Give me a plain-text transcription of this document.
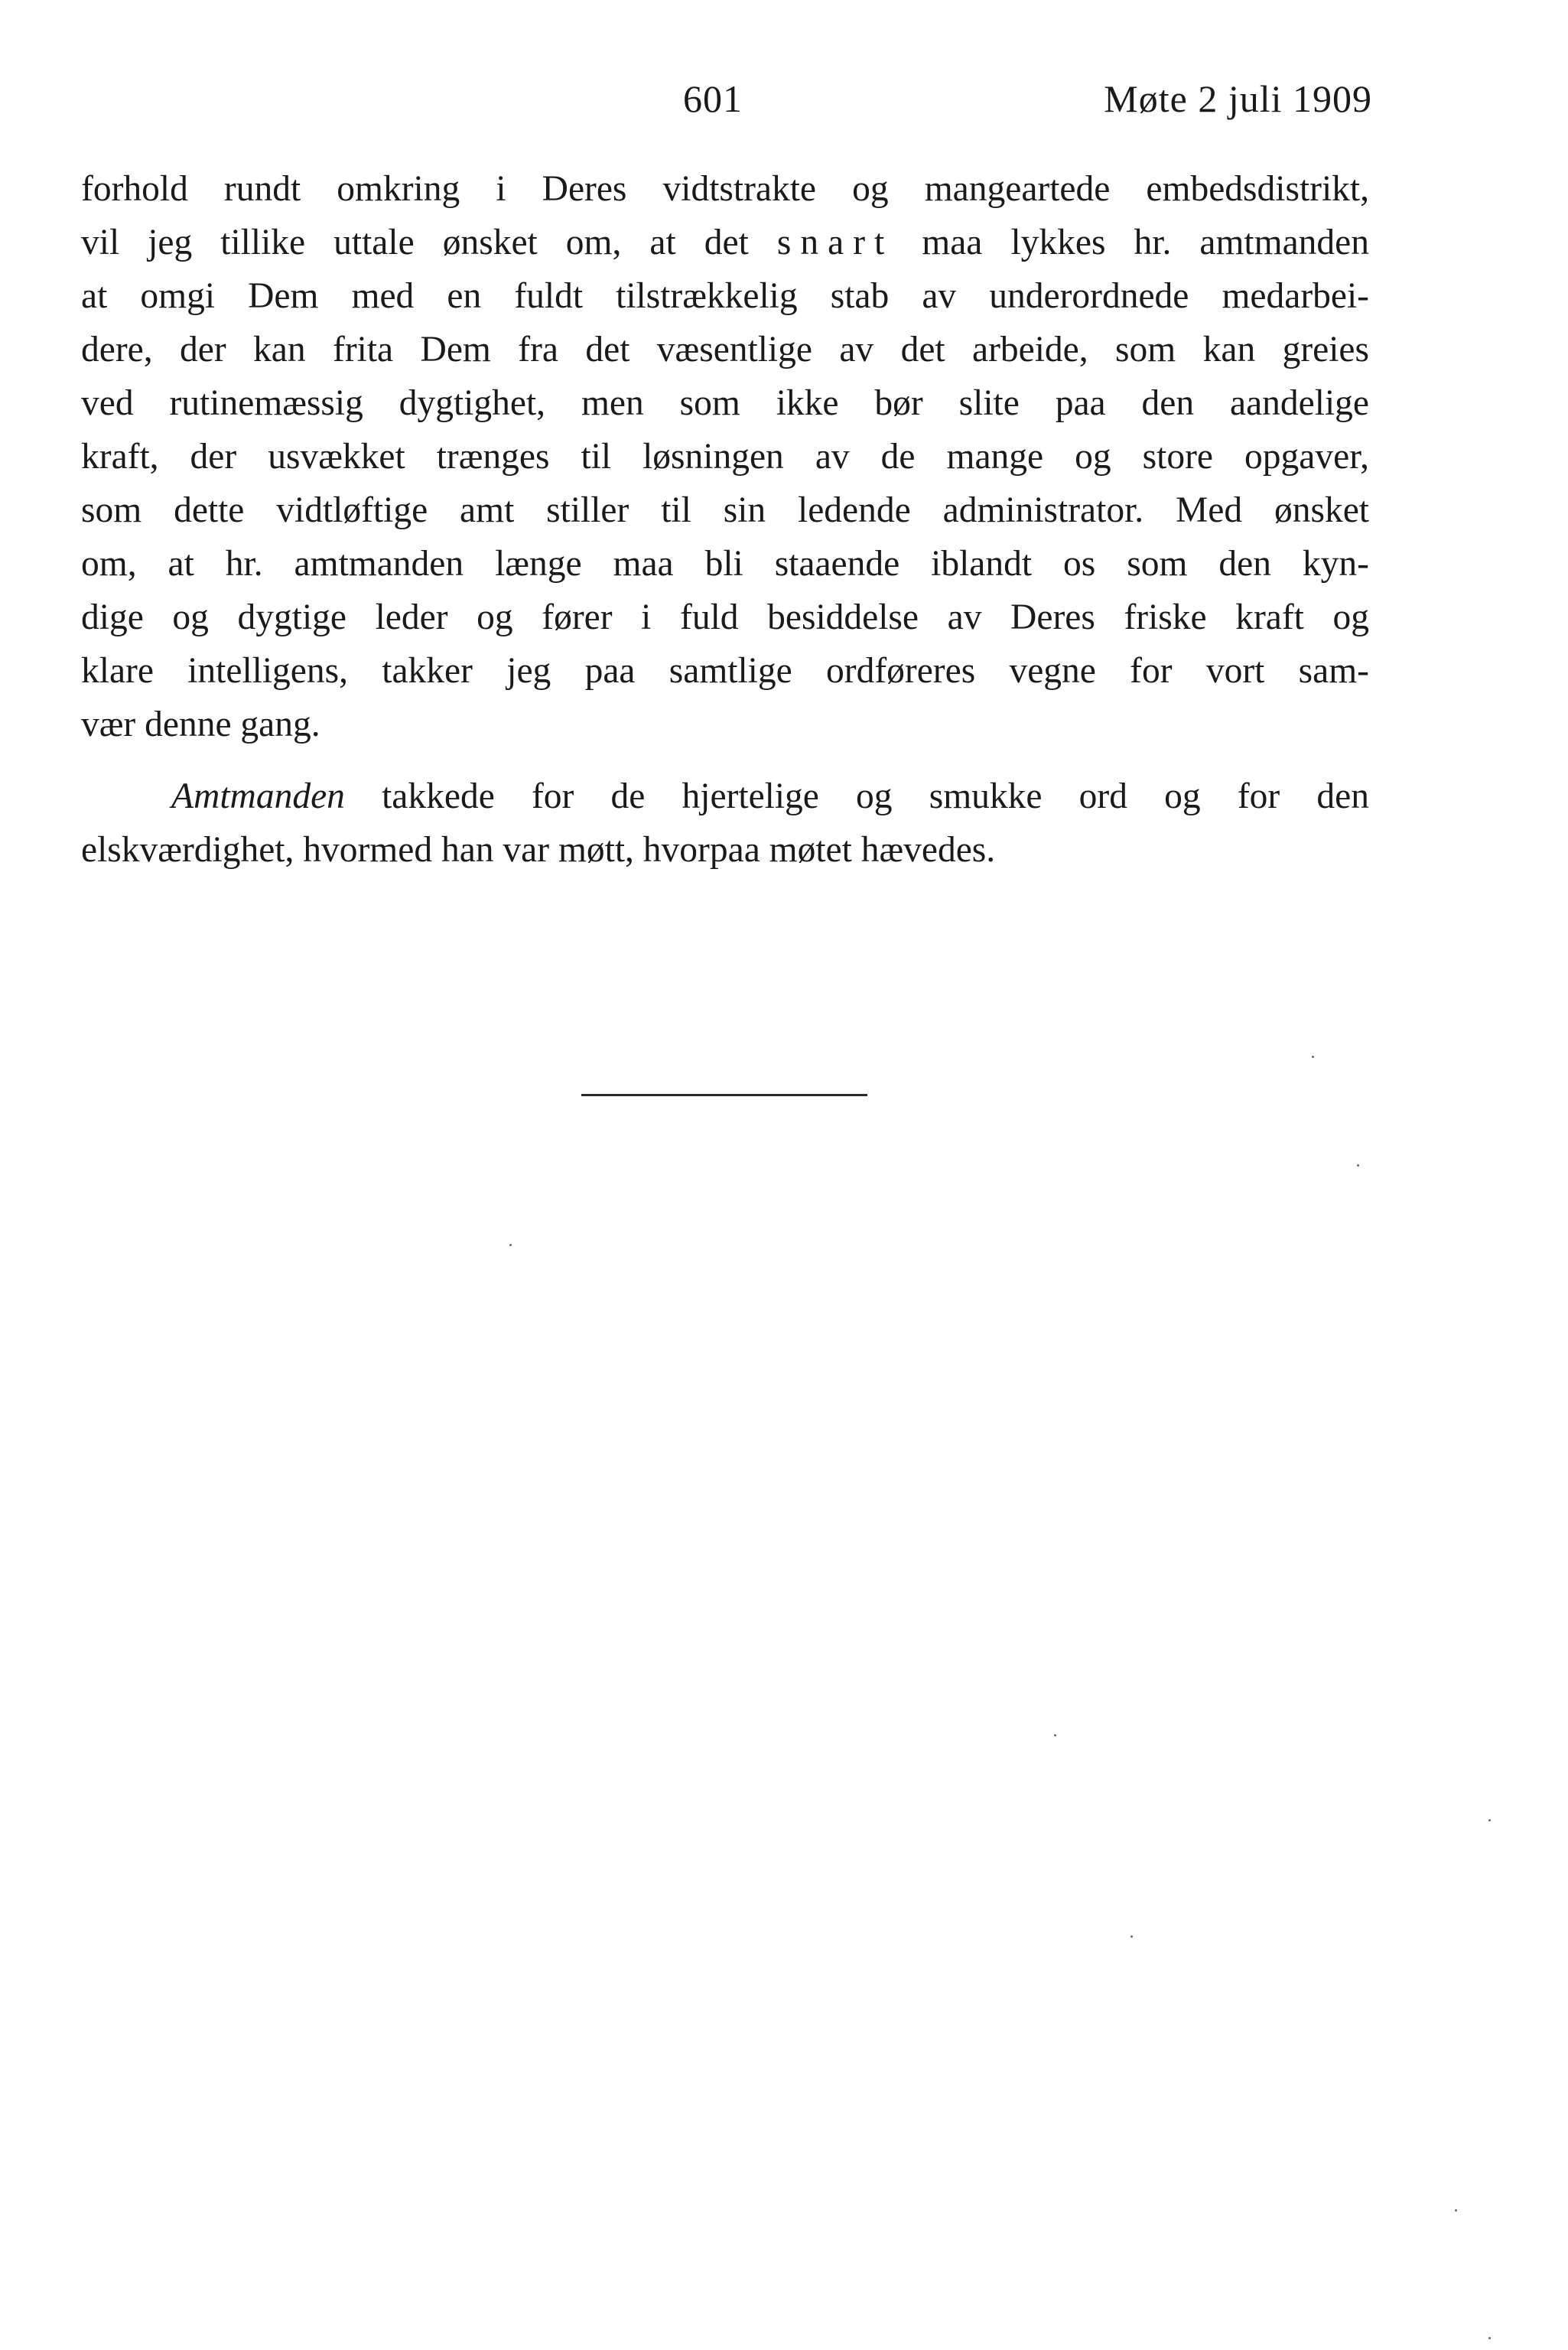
601	Møte 2 juli 1909
forhold rundt omkring i Deres vidtstrakte og mangeartede embedsdistrikt,
vil jeg tillike uttale ønsket om, at det snart maa lykkes hr. amtmanden
at omgi Dem med en fuldt tilstrækkelig stab av underordnede medarbei-
dere, der kan frita Dem fra det væsentlige av det arbeide, som kan greies
ved rutinemæssig dygtighet, men som ikke bør slite paa den aandelige
kraft, der usvækket trænges til løsningen av de mange og store opgaver,
som dette vidtløftige amt stiller til sin ledende administrator. Med ønsket
om, at hr. amtmanden længe maa bli staaende iblandt os som den kyn-
dige og dygtige leder og fører i fuld besiddelse av Deres friske kraft og
klare intelligens, takker jeg paa samtlige ordføreres vegne for vort sam-
vær denne gang.
Amtmanden takkede for de hjertelige og smukke ord og for den
elskværdighet, hvormed han var møtt, hvorpaa møtet hævedes.
